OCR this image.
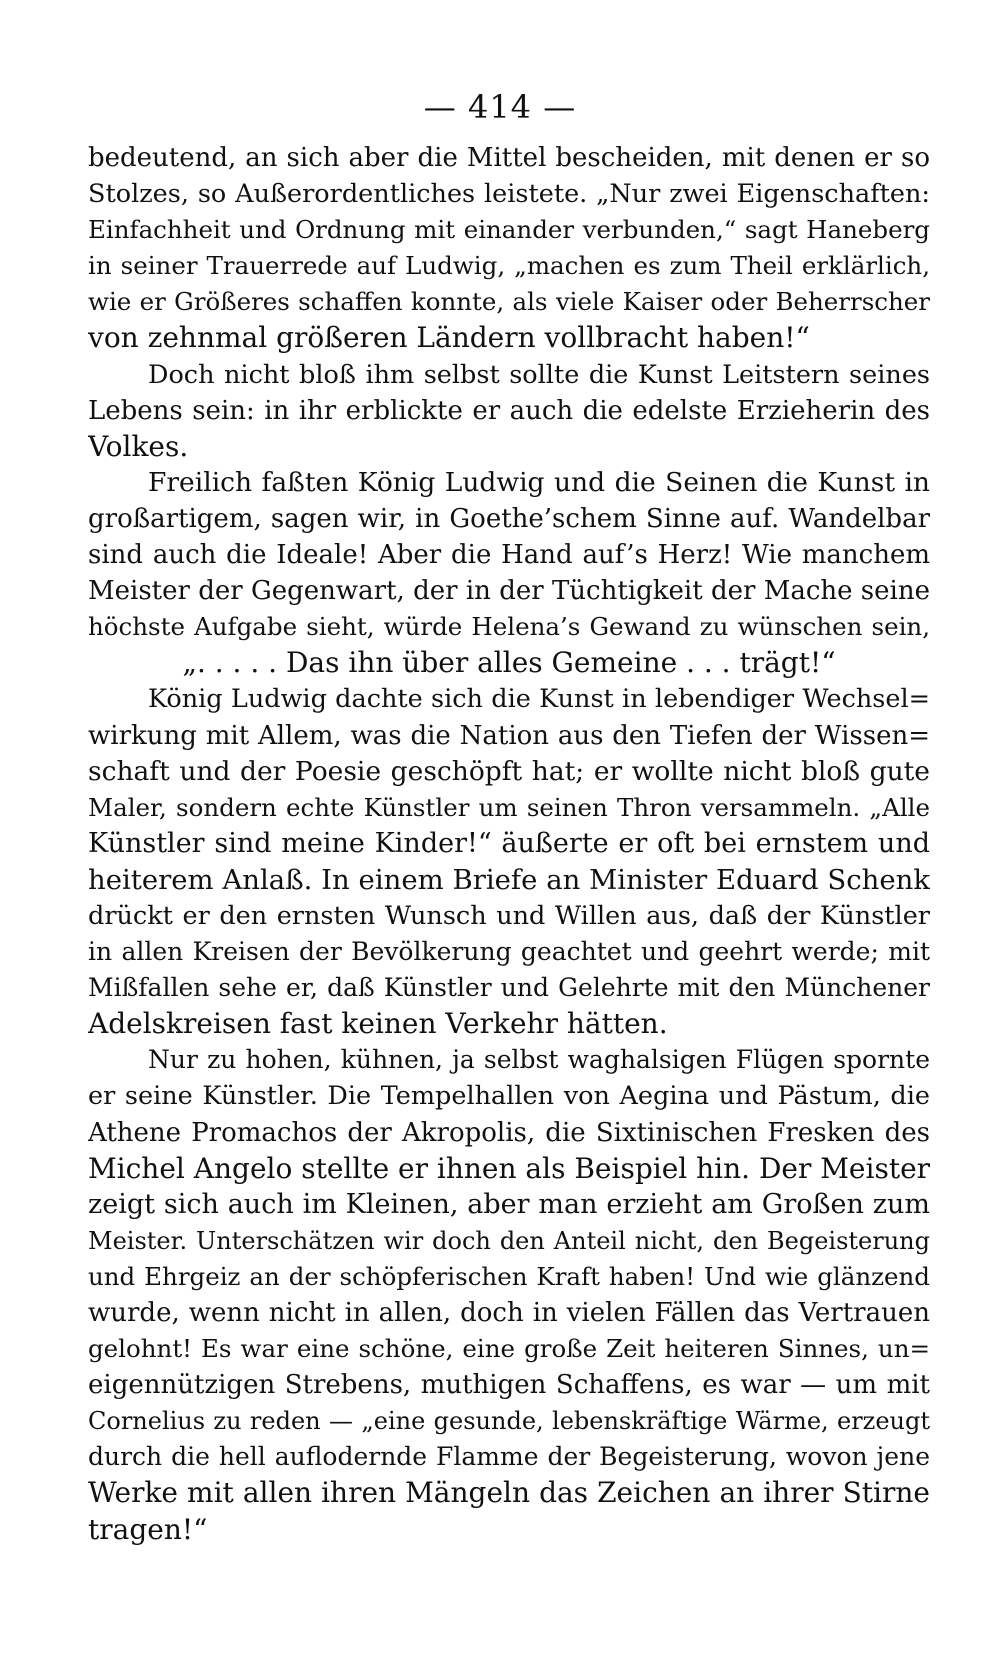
— 414 —
bedeutend, an sich aber die Mittel bescheiden, mit denen er so
Stolzes, so Außerordentliches leistete. „Nur zwei Eigenschaften:
Einfachheit und Ordnung mit einander verbunden,“ sagt Haneberg
in seiner Trauerrede auf Ludwig, „machen es zum Theil erklärlich,
wie er Größeres schaffen konnte, als viele Kaiser oder Beherrscher
von zehnmal größeren Ländern vollbracht haben!“
Doch nicht bloß ihm selbst sollte die Kunst Leitstern seines
Lebens sein: in ihr erblickte er auch die edelste Erzieherin des
Volkes.
Freilich faßten König Ludwig und die Seinen die Kunst in
großartigem, sagen wir, in Goethe’schem Sinne auf. Wandelbar
sind auch die Ideale! Aber die Hand auf’s Herz! Wie manchem
Meister der Gegenwart, der in der Tüchtigkeit der Mache seine
höchste Aufgabe sieht, würde Helena’s Gewand zu wünschen sein,
„. . . . . Das ihn über alles Gemeine . . . trägt!“
König Ludwig dachte sich die Kunst in lebendiger Wechsel=
wirkung mit Allem, was die Nation aus den Tiefen der Wissen=
schaft und der Poesie geschöpft hat; er wollte nicht bloß gute
Maler, sondern echte Künstler um seinen Thron versammeln. „Alle
Künstler sind meine Kinder!“ äußerte er oft bei ernstem und
heiterem Anlaß. In einem Briefe an Minister Eduard Schenk
drückt er den ernsten Wunsch und Willen aus, daß der Künstler
in allen Kreisen der Bevölkerung geachtet und geehrt werde; mit
Mißfallen sehe er, daß Künstler und Gelehrte mit den Münchener
Adelskreisen fast keinen Verkehr hätten.
Nur zu hohen, kühnen, ja selbst waghalsigen Flügen spornte
er seine Künstler. Die Tempelhallen von Aegina und Pästum, die
Athene Promachos der Akropolis, die Sixtinischen Fresken des
Michel Angelo stellte er ihnen als Beispiel hin. Der Meister
zeigt sich auch im Kleinen, aber man erzieht am Großen zum
Meister. Unterschätzen wir doch den Anteil nicht, den Begeisterung
und Ehrgeiz an der schöpferischen Kraft haben! Und wie glänzend
wurde, wenn nicht in allen, doch in vielen Fällen das Vertrauen
gelohnt! Es war eine schöne, eine große Zeit heiteren Sinnes, un=
eigennützigen Strebens, muthigen Schaffens, es war — um mit
Cornelius zu reden — „eine gesunde, lebenskräftige Wärme, erzeugt
durch die hell auflodernde Flamme der Begeisterung, wovon jene
Werke mit allen ihren Mängeln das Zeichen an ihrer Stirne
tragen!“
